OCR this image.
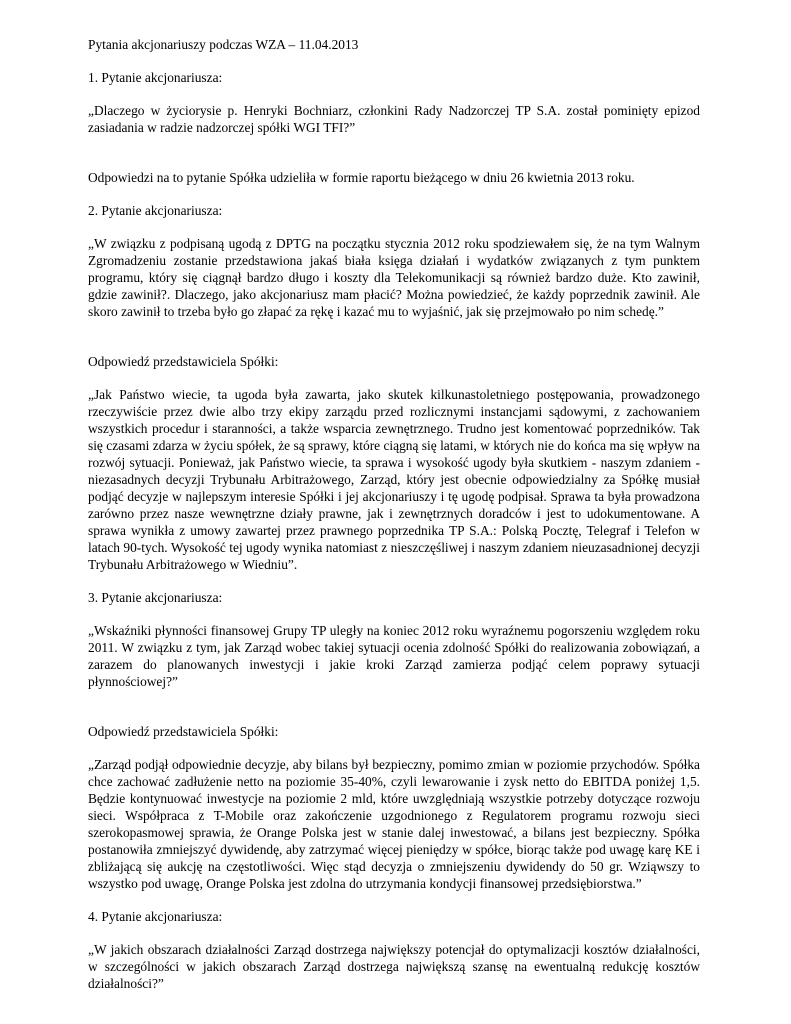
Pytania akcjonariuszy podczas WZA – 11.04.2013

1. Pytanie akcjonariusza:

„Dlaczego w życiorysie p. Henryki Bochniarz, członkini Rady Nadzorczej TP S.A. został pominięty epizod zasiadania w radzie nadzorczej spółki WGI TFI?”

Odpowiedzi na to pytanie Spółka udzieliła w formie raportu bieżącego w dniu 26 kwietnia 2013 roku.

2. Pytanie akcjonariusza:

„W związku z podpisaną ugodą z DPTG na początku stycznia 2012 roku spodziewałem się, że na tym Walnym Zgromadzeniu zostanie przedstawiona jakaś biała księga działań i wydatków związanych z tym punktem programu, który się ciągnął bardzo długo i koszty dla Telekomunikacji są również bardzo duże. Kto zawinił, gdzie zawinił?. Dlaczego, jako akcjonariusz mam płacić? Można powiedzieć, że każdy poprzednik zawinił. Ale skoro zawinił to trzeba było go złapać za rękę i kazać mu to wyjaśnić, jak się przejmowało po nim schedę.”

Odpowiedź przedstawiciela Spółki:

„Jak Państwo wiecie, ta ugoda była zawarta, jako skutek kilkunastoletniego postępowania, prowadzonego rzeczywiście przez dwie albo trzy ekipy zarządu przed rozlicznymi instancjami sądowymi, z zachowaniem wszystkich procedur i staranności, a także wsparcia zewnętrznego. Trudno jest komentować poprzedników. Tak się czasami zdarza w życiu spółek, że są sprawy, które ciągną się latami, w których nie do końca ma się wpływ na rozwój sytuacji. Ponieważ, jak Państwo wiecie, ta sprawa i wysokość ugody była skutkiem - naszym zdaniem - niezasadnych decyzji Trybunału Arbitrażowego, Zarząd, który jest obecnie odpowiedzialny za Spółkę musiał podjąć decyzje w najlepszym interesie Spółki i jej akcjonariuszy i tę ugodę podpisał. Sprawa ta była prowadzona zarówno przez nasze wewnętrzne działy prawne, jak i zewnętrznych doradców i jest to udokumentowane. A sprawa wynikła z umowy zawartej przez prawnego poprzednika TP S.A.: Polską Pocztę, Telegraf i Telefon w latach 90-tych. Wysokość tej ugody wynika natomiast z nieszczęśliwej i naszym zdaniem nieuzasadnionej decyzji Trybunału Arbitrażowego w Wiedniu”.

3. Pytanie akcjonariusza:

„Wskaźniki płynności finansowej Grupy TP uległy na koniec 2012 roku wyraźnemu pogorszeniu względem roku 2011. W związku z tym, jak Zarząd wobec takiej sytuacji ocenia zdolność Spółki do realizowania zobowiązań, a zarazem do planowanych inwestycji i jakie kroki Zarząd zamierza podjąć celem poprawy sytuacji płynnościowej?”

Odpowiedź przedstawiciela Spółki:

„Zarząd podjął odpowiednie decyzje, aby bilans był bezpieczny, pomimo zmian w poziomie przychodów. Spółka chce zachować zadłużenie netto na poziomie 35-40%, czyli lewarowanie i zysk netto do EBITDA poniżej 1,5. Będzie kontynuować inwestycje na poziomie 2 mld, które uwzględniają wszystkie potrzeby dotyczące rozwoju sieci. Współpraca z T-Mobile oraz zakończenie uzgodnionego z Regulatorem programu rozwoju sieci szerokopasmowej sprawia, że Orange Polska jest w stanie dalej inwestować, a bilans jest bezpieczny. Spółka postanowiła zmniejszyć dywidendę, aby zatrzymać więcej pieniędzy w spółce, biorąc także pod uwagę karę KE i zbliżającą się aukcję na częstotliwości. Więc stąd decyzja o zmniejszeniu dywidendy do 50 gr. Wziąwszy to wszystko pod uwagę, Orange Polska jest zdolna do utrzymania kondycji finansowej przedsiębiorstwa.”

4. Pytanie akcjonariusza:

„W jakich obszarach działalności Zarząd dostrzega największy potencjał do optymalizacji kosztów działalności, w szczególności w jakich obszarach Zarząd dostrzega największą szansę na ewentualną redukcję kosztów działalności?”
